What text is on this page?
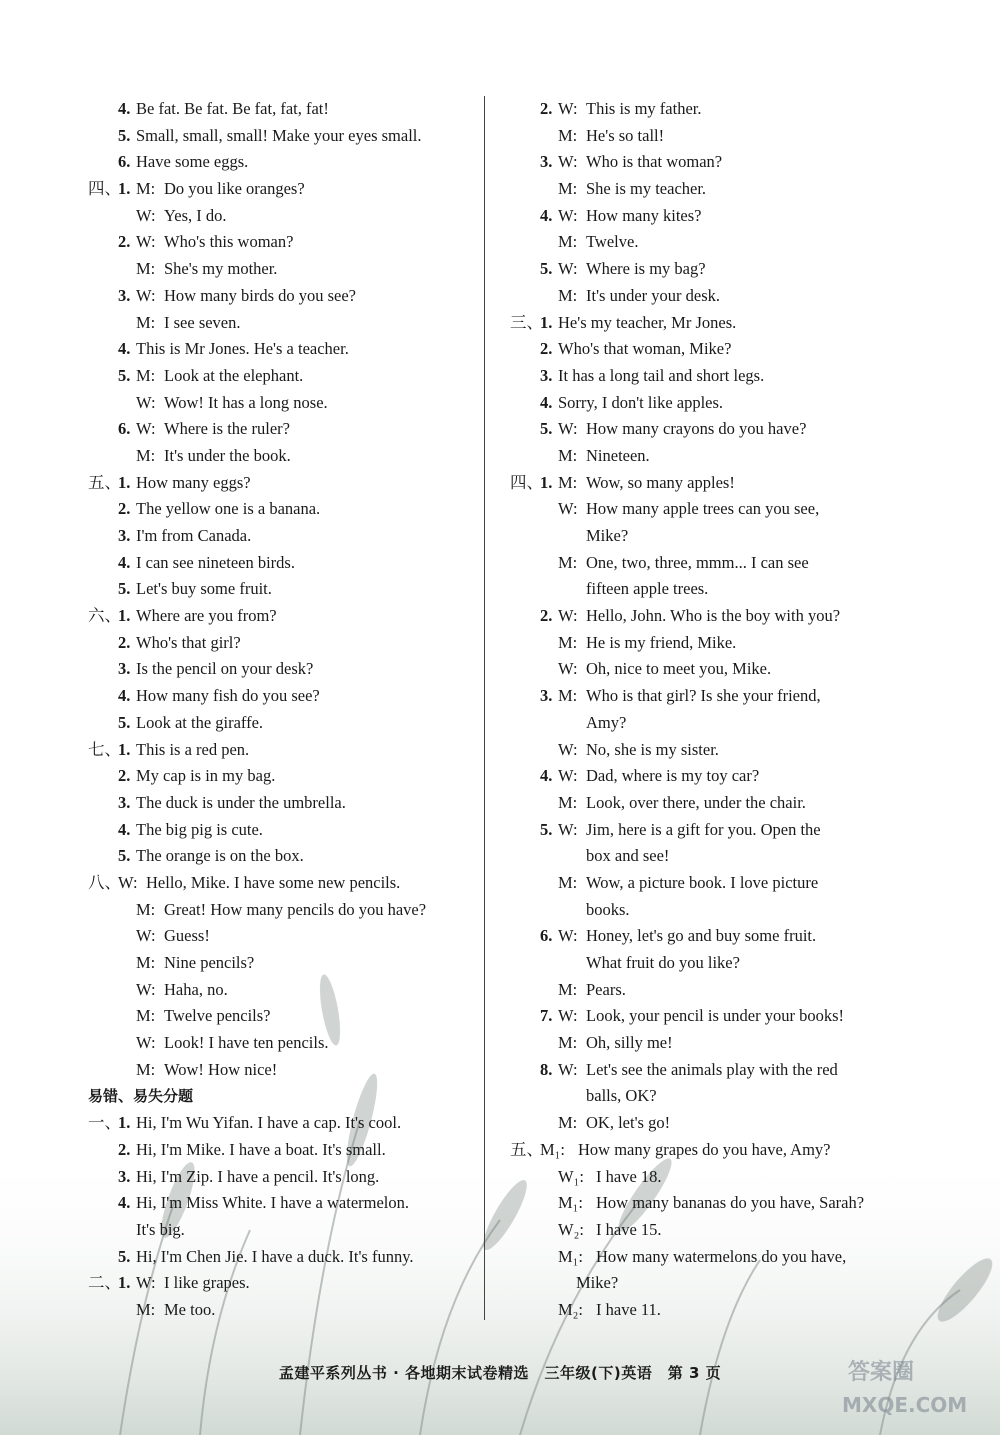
4. Be fat. Be fat. Be fat, fat, fat!
5. Small, small, small! Make your eyes small.
6. Have some eggs.
四、
1. M: Do you like oranges?
W: Yes, I do.
2. W: Who's this woman?
M: She's my mother.
3. W: How many birds do you see?
M: I see seven.
4. This is Mr Jones. He's a teacher.
5. M: Look at the elephant.
W: Wow! It has a long nose.
6. W: Where is the ruler?
M: It's under the book.
五、
1. How many eggs?
2. The yellow one is a banana.
3. I'm from Canada.
4. I can see nineteen birds.
5. Let's buy some fruit.
六、
1. Where are you from?
2. Who's that girl?
3. Is the pencil on your desk?
4. How many fish do you see?
5. Look at the giraffe.
七、
1. This is a red pen.
2. My cap is in my bag.
3. The duck is under the umbrella.
4. The big pig is cute.
5. The orange is on the box.
八、
W: Hello, Mike. I have some new pencils.
M: Great! How many pencils do you have?
W: Guess!
M: Nine pencils?
W: Haha, no.
M: Twelve pencils?
W: Look! I have ten pencils.
M: Wow! How nice!
易错、易失分题
一、
1. Hi, I'm Wu Yifan. I have a cap. It's cool.
2. Hi, I'm Mike. I have a boat. It's small.
3. Hi, I'm Zip. I have a pencil. It's long.
4. Hi, I'm Miss White. I have a watermelon.
It's big.
5. Hi, I'm Chen Jie. I have a duck. It's funny.
二、
1. W: I like grapes.
M: Me too.
2. W: This is my father.
M: He's so tall!
3. W: Who is that woman?
M: She is my teacher.
4. W: How many kites?
M: Twelve.
5. W: Where is my bag?
M: It's under your desk.
三、
1. He's my teacher, Mr Jones.
2. Who's that woman, Mike?
3. It has a long tail and short legs.
4. Sorry, I don't like apples.
5. W: How many crayons do you have?
M: Nineteen.
四、
1. M: Wow, so many apples!
W: How many apple trees can you see,
Mike?
M: One, two, three, mmm... I can see
fifteen apple trees.
2. W: Hello, John. Who is the boy with you?
M: He is my friend, Mike.
W: Oh, nice to meet you, Mike.
3. M: Who is that girl? Is she your friend,
Amy?
W: No, she is my sister.
4. W: Dad, where is my toy car?
M: Look, over there, under the chair.
5. W: Jim, here is a gift for you. Open the
box and see!
M: Wow, a picture book. I love picture
books.
6. W: Honey, let's go and buy some fruit.
What fruit do you like?
M: Pears.
7. W: Look, your pencil is under your books!
M: Oh, silly me!
8. W: Let's see the animals play with the red
balls, OK?
M: OK, let's go!
五、
M₁: How many grapes do you have, Amy?
W₁: I have 18.
M₁: How many bananas do you have, Sarah?
W₂: I have 15.
M₁: How many watermelons do you have,
Mike?
M₂: I have 11.
孟建平系列丛书 · 各地期末试卷精选　三年级(下)英语　第 3 页	答案圈
MXQE.COM
